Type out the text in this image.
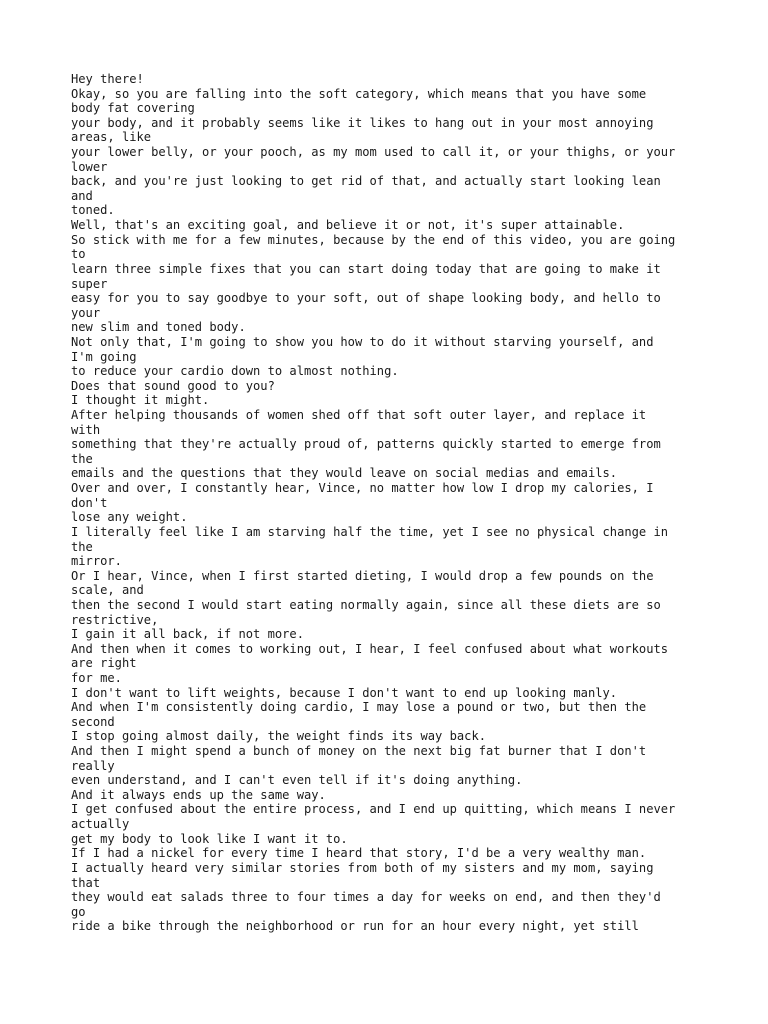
Hey there!
Okay, so you are falling into the soft category, which means that you have some
body fat covering
your body, and it probably seems like it likes to hang out in your most annoying
areas, like
your lower belly, or your pooch, as my mom used to call it, or your thighs, or your
lower
back, and you're just looking to get rid of that, and actually start looking lean
and
toned.
Well, that's an exciting goal, and believe it or not, it's super attainable.
So stick with me for a few minutes, because by the end of this video, you are going
to
learn three simple fixes that you can start doing today that are going to make it
super
easy for you to say goodbye to your soft, out of shape looking body, and hello to
your
new slim and toned body.
Not only that, I'm going to show you how to do it without starving yourself, and
I'm going
to reduce your cardio down to almost nothing.
Does that sound good to you?
I thought it might.
After helping thousands of women shed off that soft outer layer, and replace it
with
something that they're actually proud of, patterns quickly started to emerge from
the
emails and the questions that they would leave on social medias and emails.
Over and over, I constantly hear, Vince, no matter how low I drop my calories, I
don't
lose any weight.
I literally feel like I am starving half the time, yet I see no physical change in
the
mirror.
Or I hear, Vince, when I first started dieting, I would drop a few pounds on the
scale, and
then the second I would start eating normally again, since all these diets are so
restrictive,
I gain it all back, if not more.
And then when it comes to working out, I hear, I feel confused about what workouts
are right
for me.
I don't want to lift weights, because I don't want to end up looking manly.
And when I'm consistently doing cardio, I may lose a pound or two, but then the
second
I stop going almost daily, the weight finds its way back.
And then I might spend a bunch of money on the next big fat burner that I don't
really
even understand, and I can't even tell if it's doing anything.
And it always ends up the same way.
I get confused about the entire process, and I end up quitting, which means I never
actually
get my body to look like I want it to.
If I had a nickel for every time I heard that story, I'd be a very wealthy man.
I actually heard very similar stories from both of my sisters and my mom, saying
that
they would eat salads three to four times a day for weeks on end, and then they'd
go
ride a bike through the neighborhood or run for an hour every night, yet still
